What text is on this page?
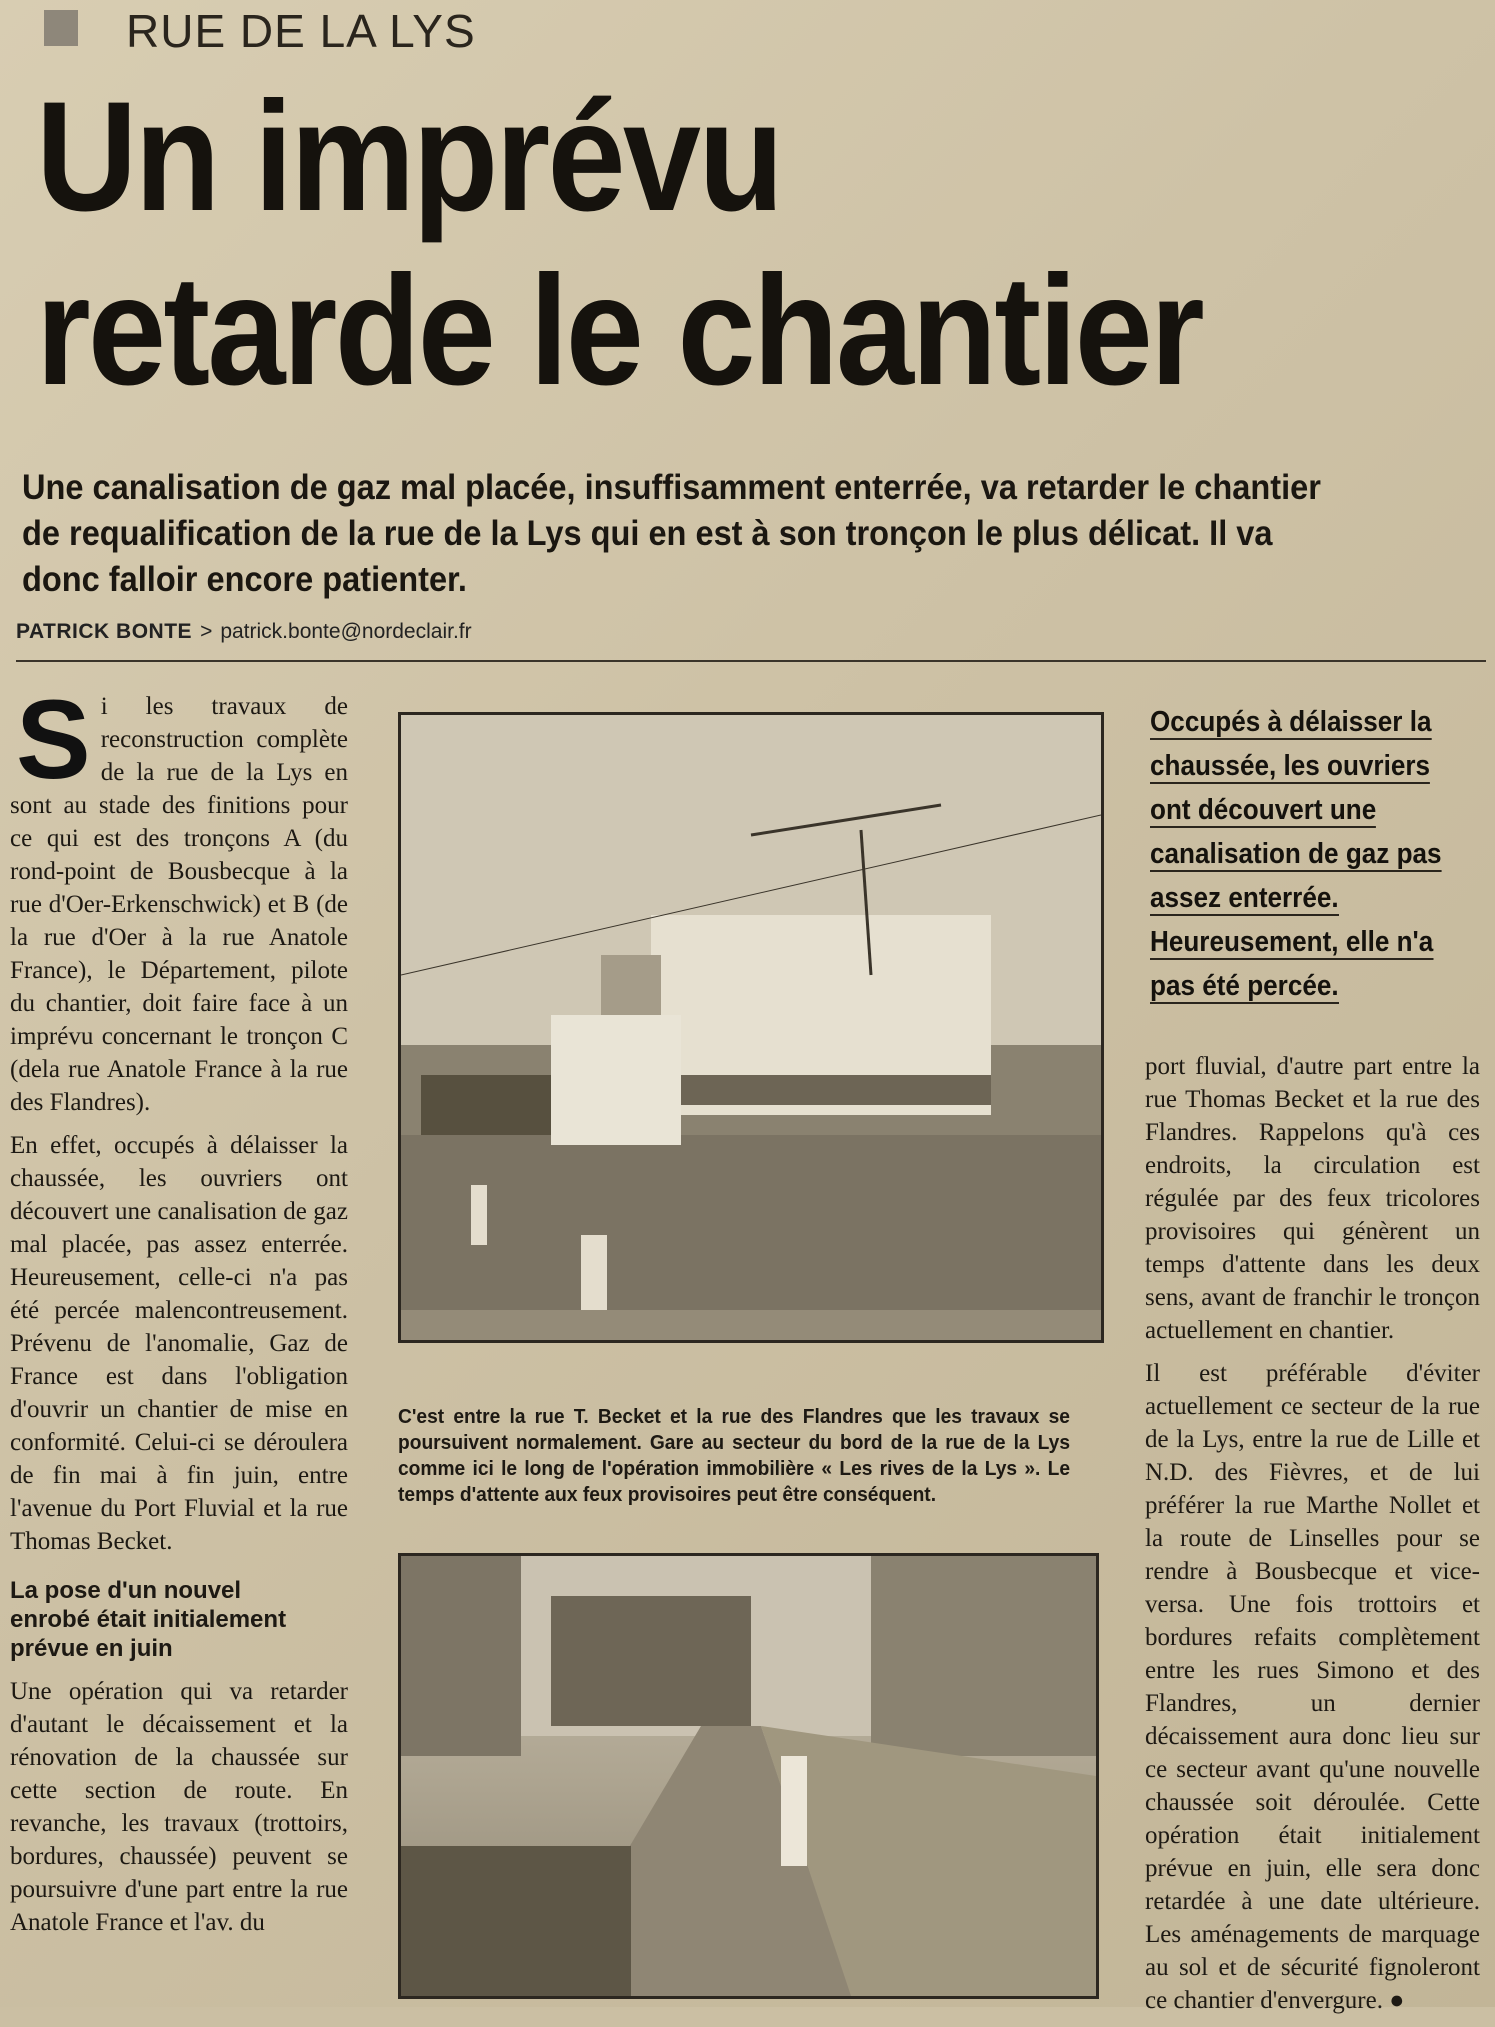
RUE DE LA LYS
Un imprévu
retarde le chantier

Une canalisation de gaz mal placée, insuffisamment enterrée, va retarder le chantier de requalification de la rue de la Lys qui en est à son tronçon le plus délicat. Il va donc falloir encore patienter.

PATRICK BONTE > patrick.bonte@nordeclair.fr

Si les travaux de reconstruction complète de la rue de la Lys en sont au stade des finitions pour ce qui est des tronçons A (du rond-point de Bousbecque à la rue d'Oer-Erkenschwick) et B (de la rue d'Oer à la rue Anatole France), le Département, pilote du chantier, doit faire face à un imprévu concernant le tronçon C (dela rue Anatole France à la rue des Flandres).

En effet, occupés à délaisser la chaussée, les ouvriers ont découvert une canalisation de gaz mal placée, pas assez enterrée. Heureusement, celle-ci n'a pas été percée malencontreusement. Prévenu de l'anomalie, Gaz de France est dans l'obligation d'ouvrir un chantier de mise en conformité. Celui-ci se déroulera de fin mai à fin juin, entre l'avenue du Port Fluvial et la rue Thomas Becket.

La pose d'un nouvel enrobé était initialement prévue en juin

Une opération qui va retarder d'autant le décaissement et la rénovation de la chaussée sur cette section de route. En revanche, les travaux (trottoirs, bordures, chaussée) peuvent se poursuivre d'une part entre la rue Anatole France et l'av. du

C'est entre la rue T. Becket et la rue des Flandres que les travaux se poursuivent normalement. Gare au secteur du bord de la rue de la Lys comme ici le long de l'opération immobilière « Les rives de la Lys ». Le temps d'attente aux feux provisoires peut être conséquent.

Occupés à délaisser la chaussée, les ouvriers ont découvert une canalisation de gaz pas assez enterrée. Heureusement, elle n'a pas été percée.

port fluvial, d'autre part entre la rue Thomas Becket et la rue des Flandres. Rappelons qu'à ces endroits, la circulation est régulée par des feux tricolores provisoires qui génèrent un temps d'attente dans les deux sens, avant de franchir le tronçon actuellement en chantier.

Il est préférable d'éviter actuellement ce secteur de la rue de la Lys, entre la rue de Lille et N.D. des Fièvres, et de lui préférer la rue Marthe Nollet et la route de Linselles pour se rendre à Bousbecque et vice-versa. Une fois trottoirs et bordures refaits complètement entre les rues Simono et des Flandres, un dernier décaissement aura donc lieu sur ce secteur avant qu'une nouvelle chaussée soit déroulée. Cette opération était initialement prévue en juin, elle sera donc retardée à une date ultérieure. Les aménagements de marquage au sol et de sécurité fignoleront ce chantier d'envergure. ●
